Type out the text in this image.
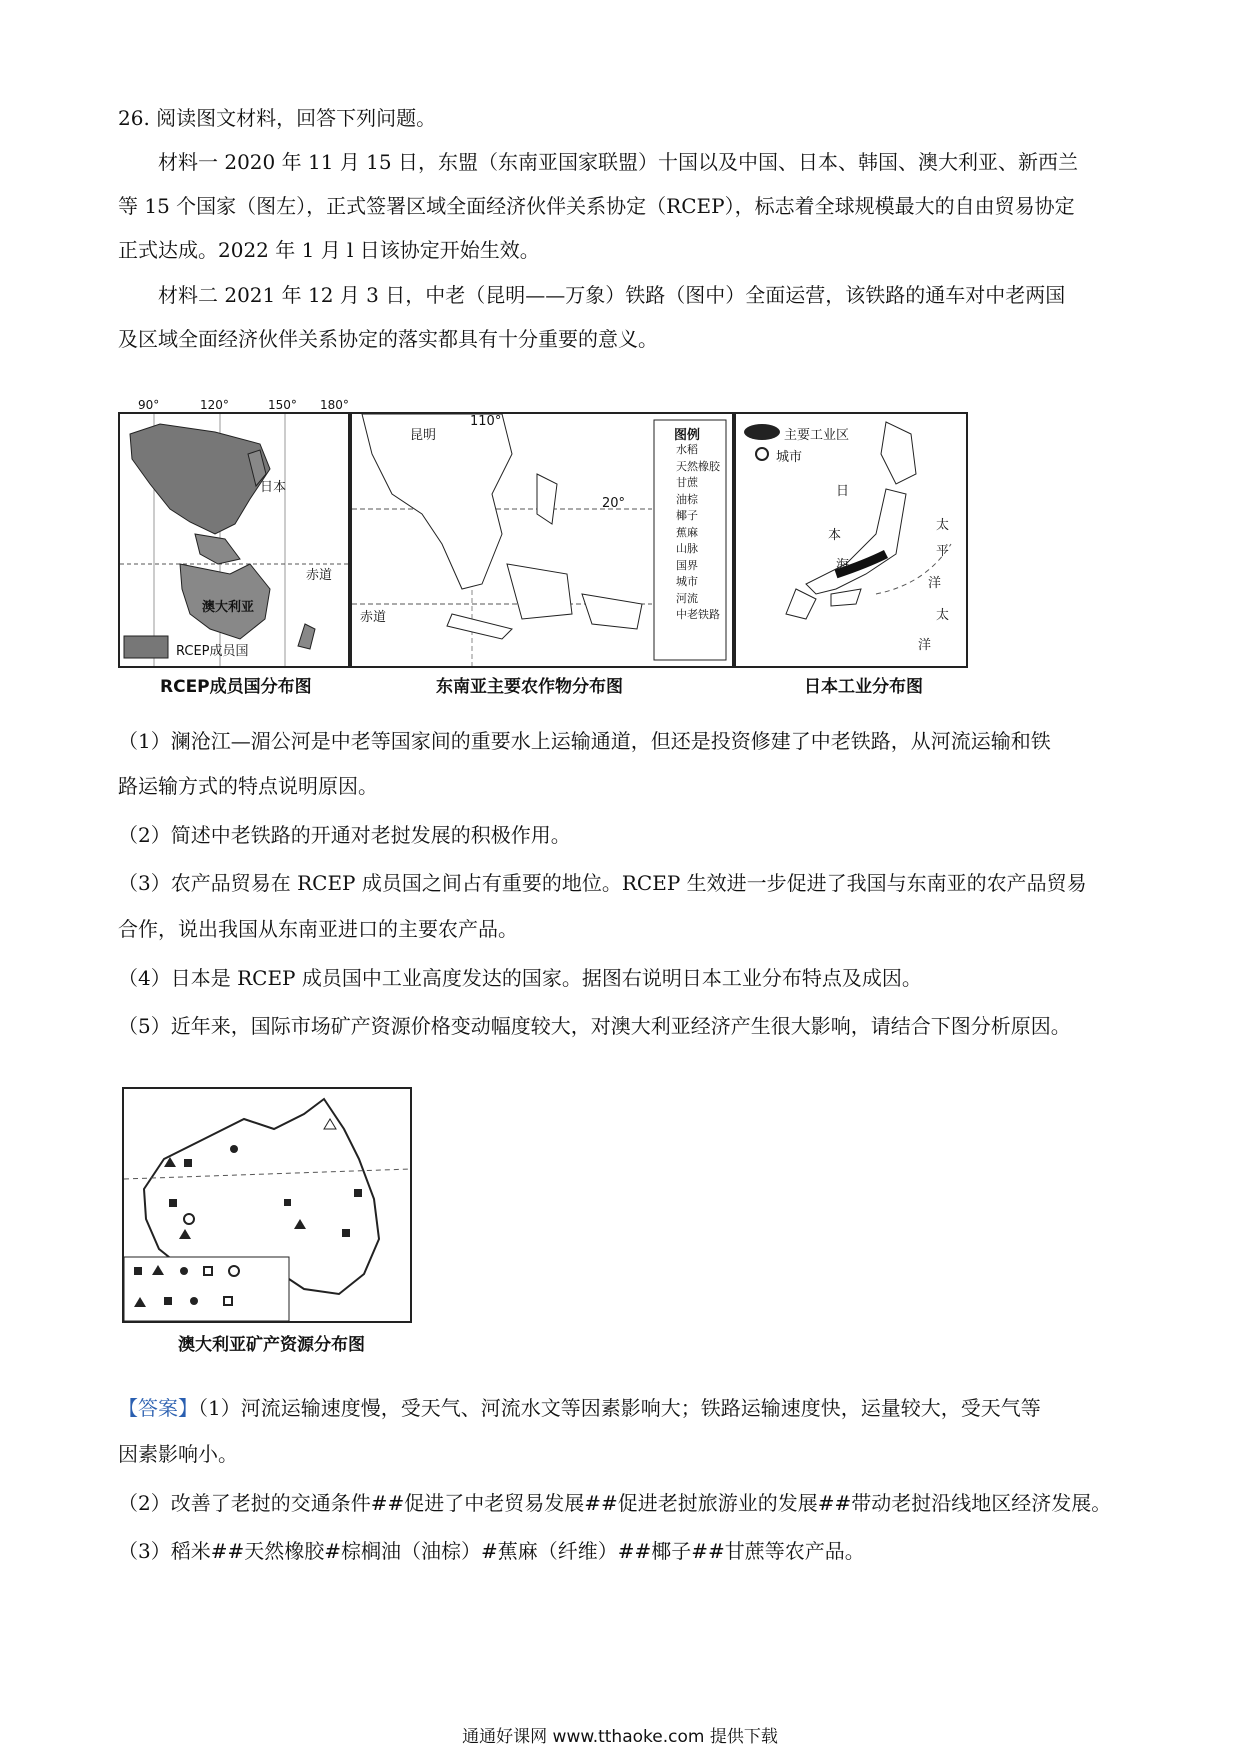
26. 阅读图文材料，回答下列问题。
材料一 2020 年 11 月 15 日，东盟（东南亚国家联盟）十国以及中国、日本、韩国、澳大利亚、新西兰
等 15 个国家（图左），正式签署区域全面经济伙伴关系协定（RCEP），标志着全球规模最大的自由贸易协定
正式达成。2022 年 1 月 l 日该协定开始生效。
材料二 2021 年 12 月 3 日，中老（昆明——万象）铁路（图中）全面运营，该铁路的通车对中老两国
及区域全面经济伙伴关系协定的落实都具有十分重要的意义。
90°	120°	150° 180°
日本
赤道
澳大利亚
RCEP成员国
RCEP成员国分布图
昆明
110°
20°
赤道
图例
水稻
天然橡胶
甘蔗
油棕
椰子
蕉麻
山脉
国界
城市
河流
中老铁路
东南亚主要农作物分布图
主要工业区
城市
日
本
海
太
平
洋
太
洋
日本工业分布图
（1）澜沧江—湄公河是中老等国家间的重要水上运输通道，但还是投资修建了中老铁路，从河流运输和铁
路运输方式的特点说明原因。
（2）简述中老铁路的开通对老挝发展的积极作用。
（3）农产品贸易在 RCEP 成员国之间占有重要的地位。RCEP 生效进一步促进了我国与东南亚的农产品贸易
合作，说出我国从东南亚进口的主要农产品。
（4）日本是 RCEP 成员国中工业高度发达的国家。据图右说明日本工业分布特点及成因。
（5）近年来，国际市场矿产资源价格变动幅度较大，对澳大利亚经济产生很大影响，请结合下图分析原因。
澳大利亚矿产资源分布图
【答案】（1）河流运输速度慢，受天气、河流水文等因素影响大；铁路运输速度快，运量较大，受天气等
因素影响小。
（2）改善了老挝的交通条件##促进了中老贸易发展##促进老挝旅游业的发展##带动老挝沿线地区经济发展。
（3）稻米##天然橡胶#棕榈油（油棕）#蕉麻（纤维）##椰子##甘蔗等农产品。
通通好课网 www.tthaoke.com 提供下载
